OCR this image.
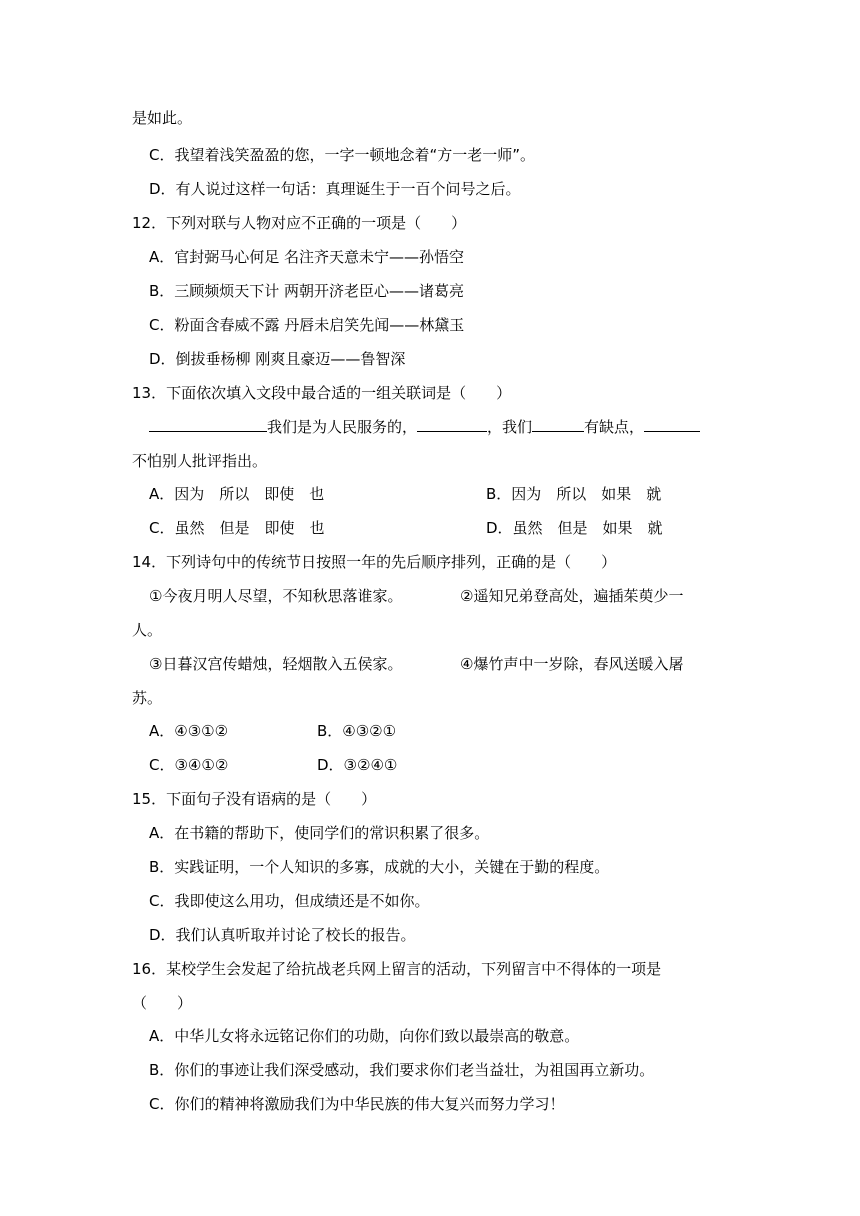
是如此。
C．我望着浅笑盈盈的您，一字一顿地念着“方一老一师”。
D．有人说过这样一句话：真理诞生于一百个问号之后。
12．下列对联与人物对应不正确的一项是（　　）
A．官封弼马心何足 名注齐天意未宁——孙悟空
B．三顾频烦天下计 两朝开济老臣心——诸葛亮
C．粉面含春威不露 丹唇未启笑先闻——林黛玉
D．倒拔垂杨柳 刚爽且豪迈——鲁智深
13．下面依次填入文段中最合适的一组关联词是（　　）
我们是为人民服务的，	，我们	有缺点，
不怕别人批评指出。
A．因为　所以　即使　也	B．因为　所以　如果　就
C．虽然　但是　即使　也	D．虽然　但是　如果　就
14．下列诗句中的传统节日按照一年的先后顺序排列，正确的是（　　）
①今夜月明人尽望，不知秋思落谁家。	②遥知兄弟登高处，遍插茱萸少一
人。
③日暮汉宫传蜡烛，轻烟散入五侯家。	④爆竹声中一岁除，春风送暖入屠
苏。
A．④③①②	B．④③②①
C．③④①②	D．③②④①
15．下面句子没有语病的是（　　）
A．在书籍的帮助下，使同学们的常识积累了很多。
B．实践证明，一个人知识的多寡，成就的大小，关键在于勤的程度。
C．我即使这么用功，但成绩还是不如你。
D．我们认真听取并讨论了校长的报告。
16．某校学生会发起了给抗战老兵网上留言的活动，下列留言中不得体的一项是
（　　）
A．中华儿女将永远铭记你们的功勋，向你们致以最崇高的敬意。
B．你们的事迹让我们深受感动，我们要求你们老当益壮，为祖国再立新功。
C．你们的精神将激励我们为中华民族的伟大复兴而努力学习！
